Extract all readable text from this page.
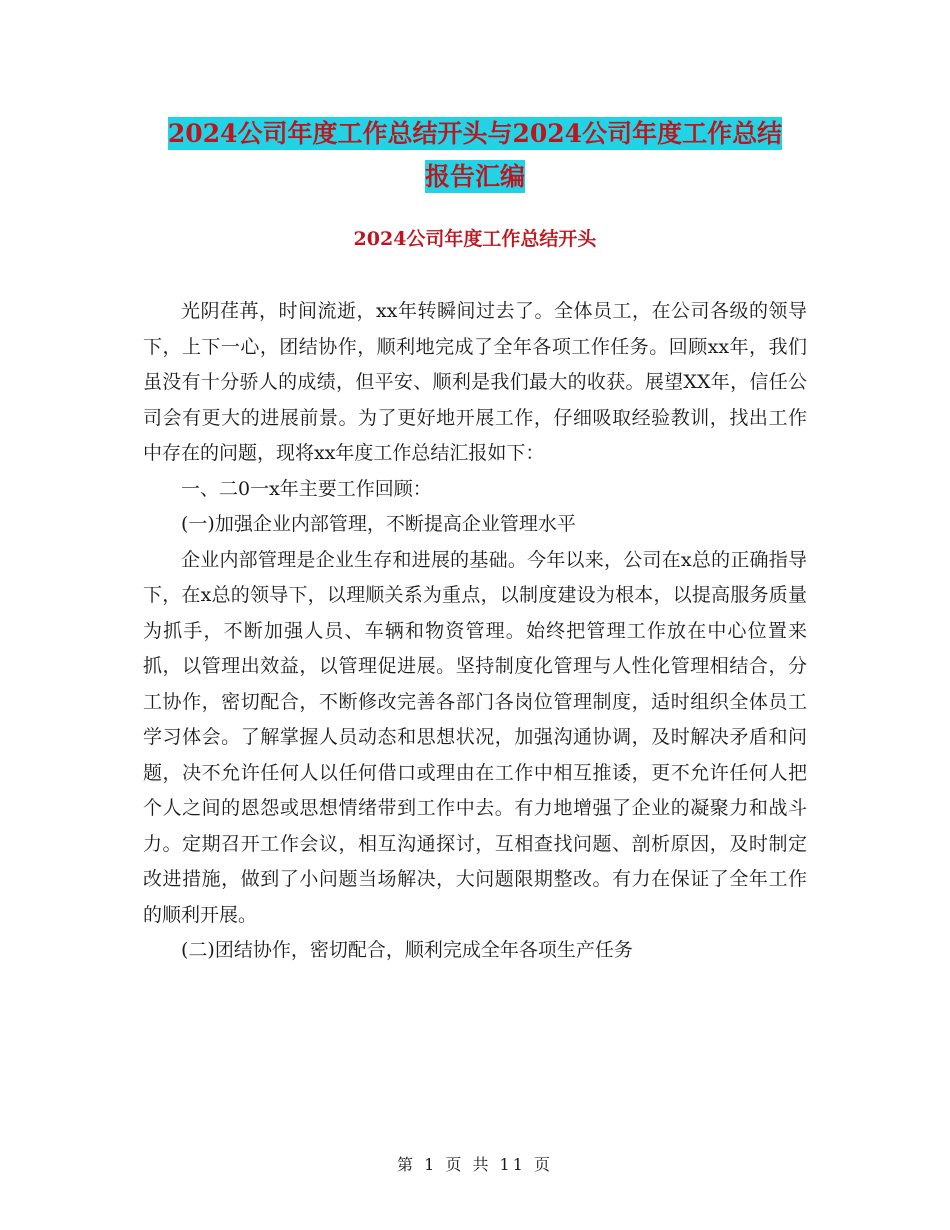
2024公司年度工作总结开头与2024公司年度工作总结
报告汇编
2024公司年度工作总结开头

光阴荏苒，时间流逝，xx年转瞬间过去了。全体员工，在公司各级的领导下，上下一心，团结协作，顺利地完成了全年各项工作任务。回顾xx年，我们虽没有十分骄人的成绩，但平安、顺利是我们最大的收获。展望XX年，信任公司会有更大的进展前景。为了更好地开展工作，仔细吸取经验教训，找出工作中存在的问题，现将xx年度工作总结汇报如下：

一、二0一x年主要工作回顾：

(一)加强企业内部管理，不断提高企业管理水平

企业内部管理是企业生存和进展的基础。今年以来，公司在x总的正确指导下，在x总的领导下，以理顺关系为重点，以制度建设为根本，以提高服务质量为抓手，不断加强人员、车辆和物资管理。始终把管理工作放在中心位置来抓，以管理出效益，以管理促进展。坚持制度化管理与人性化管理相结合，分工协作，密切配合，不断修改完善各部门各岗位管理制度，适时组织全体员工学习体会。了解掌握人员动态和思想状况，加强沟通协调，及时解决矛盾和问题，决不允许任何人以任何借口或理由在工作中相互推诿，更不允许任何人把个人之间的恩怨或思想情绪带到工作中去。有力地增强了企业的凝聚力和战斗力。定期召开工作会议，相互沟通探讨，互相查找问题、剖析原因，及时制定改进措施，做到了小问题当场解决，大问题限期整改。有力在保证了全年工作的顺利开展。

(二)团结协作，密切配合，顺利完成全年各项生产任务

第 1 页 共 11 页
